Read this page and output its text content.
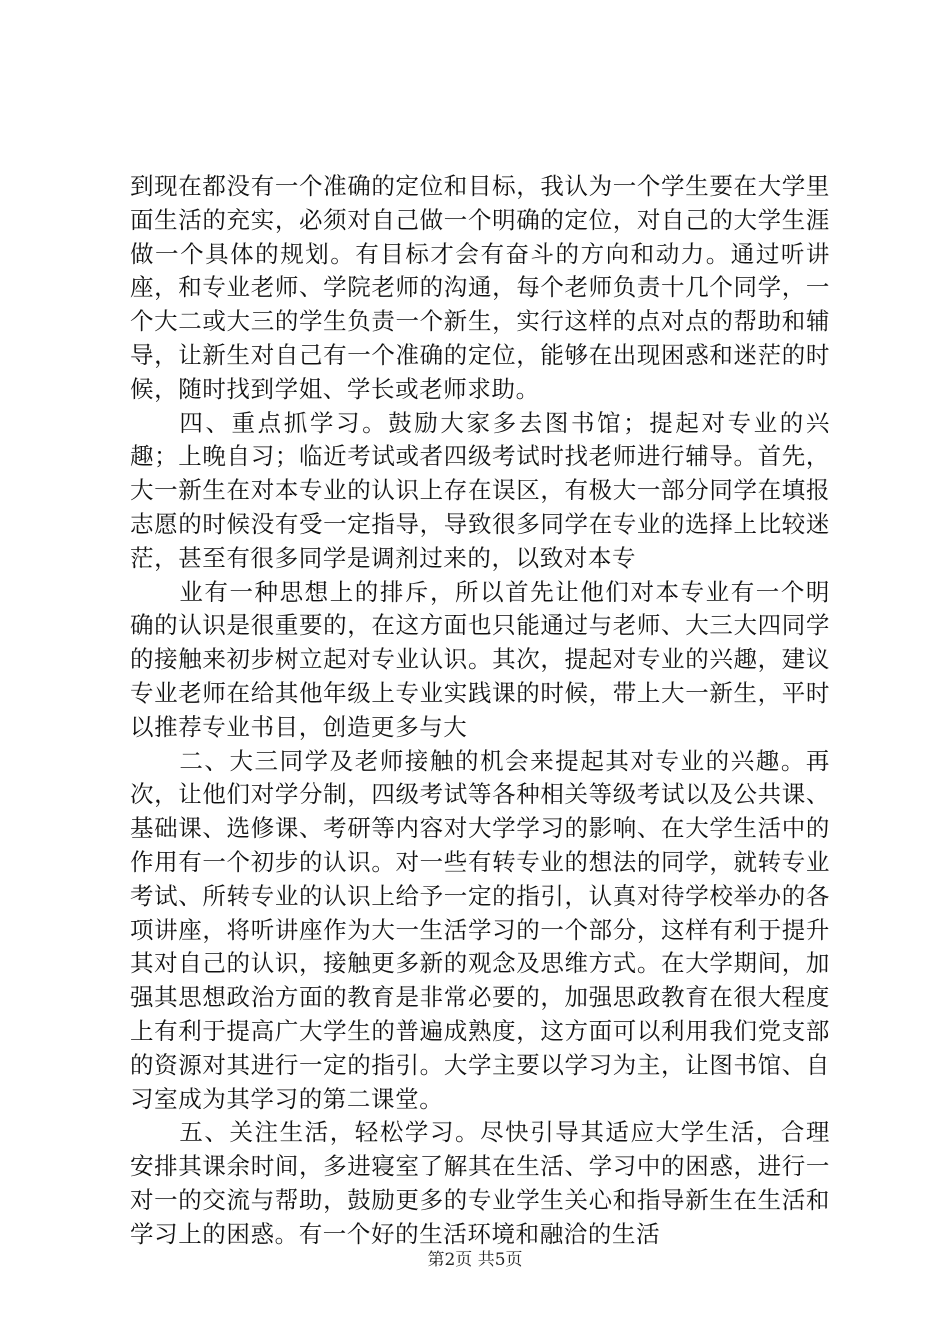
到现在都没有一个准确的定位和目标，我认为一个学生要在大学里面生活的充实，必须对自己做一个明确的定位，对自己的大学生涯做一个具体的规划。有目标才会有奋斗的方向和动力。通过听讲座，和专业老师、学院老师的沟通，每个老师负责十几个同学，一个大二或大三的学生负责一个新生，实行这样的点对点的帮助和辅导，让新生对自己有一个准确的定位，能够在出现困惑和迷茫的时候，随时找到学姐、学长或老师求助。

四、重点抓学习。鼓励大家多去图书馆；提起对专业的兴趣；上晚自习；临近考试或者四级考试时找老师进行辅导。首先，大一新生在对本专业的认识上存在误区，有极大一部分同学在填报志愿的时候没有受一定指导，导致很多同学在专业的选择上比较迷茫，甚至有很多同学是调剂过来的，以致对本专

业有一种思想上的排斥，所以首先让他们对本专业有一个明确的认识是很重要的，在这方面也只能通过与老师、大三大四同学的接触来初步树立起对专业认识。其次，提起对专业的兴趣，建议专业老师在给其他年级上专业实践课的时候，带上大一新生，平时以推荐专业书目，创造更多与大

二、大三同学及老师接触的机会来提起其对专业的兴趣。再次，让他们对学分制，四级考试等各种相关等级考试以及公共课、基础课、选修课、考研等内容对大学学习的影响、在大学生活中的作用有一个初步的认识。对一些有转专业的想法的同学，就转专业考试、所转专业的认识上给予一定的指引，认真对待学校举办的各项讲座，将听讲座作为大一生活学习的一个部分，这样有利于提升其对自己的认识，接触更多新的观念及思维方式。在大学期间，加强其思想政治方面的教育是非常必要的，加强思政教育在很大程度上有利于提高广大学生的普遍成熟度，这方面可以利用我们党支部的资源对其进行一定的指引。大学主要以学习为主，让图书馆、自习室成为其学习的第二课堂。

五、关注生活，轻松学习。尽快引导其适应大学生活，合理安排其课余时间，多进寝室了解其在生活、学习中的困惑，进行一对一的交流与帮助，鼓励更多的专业学生关心和指导新生在生活和学习上的困惑。有一个好的生活环境和融洽的生活

第2页 共5页
